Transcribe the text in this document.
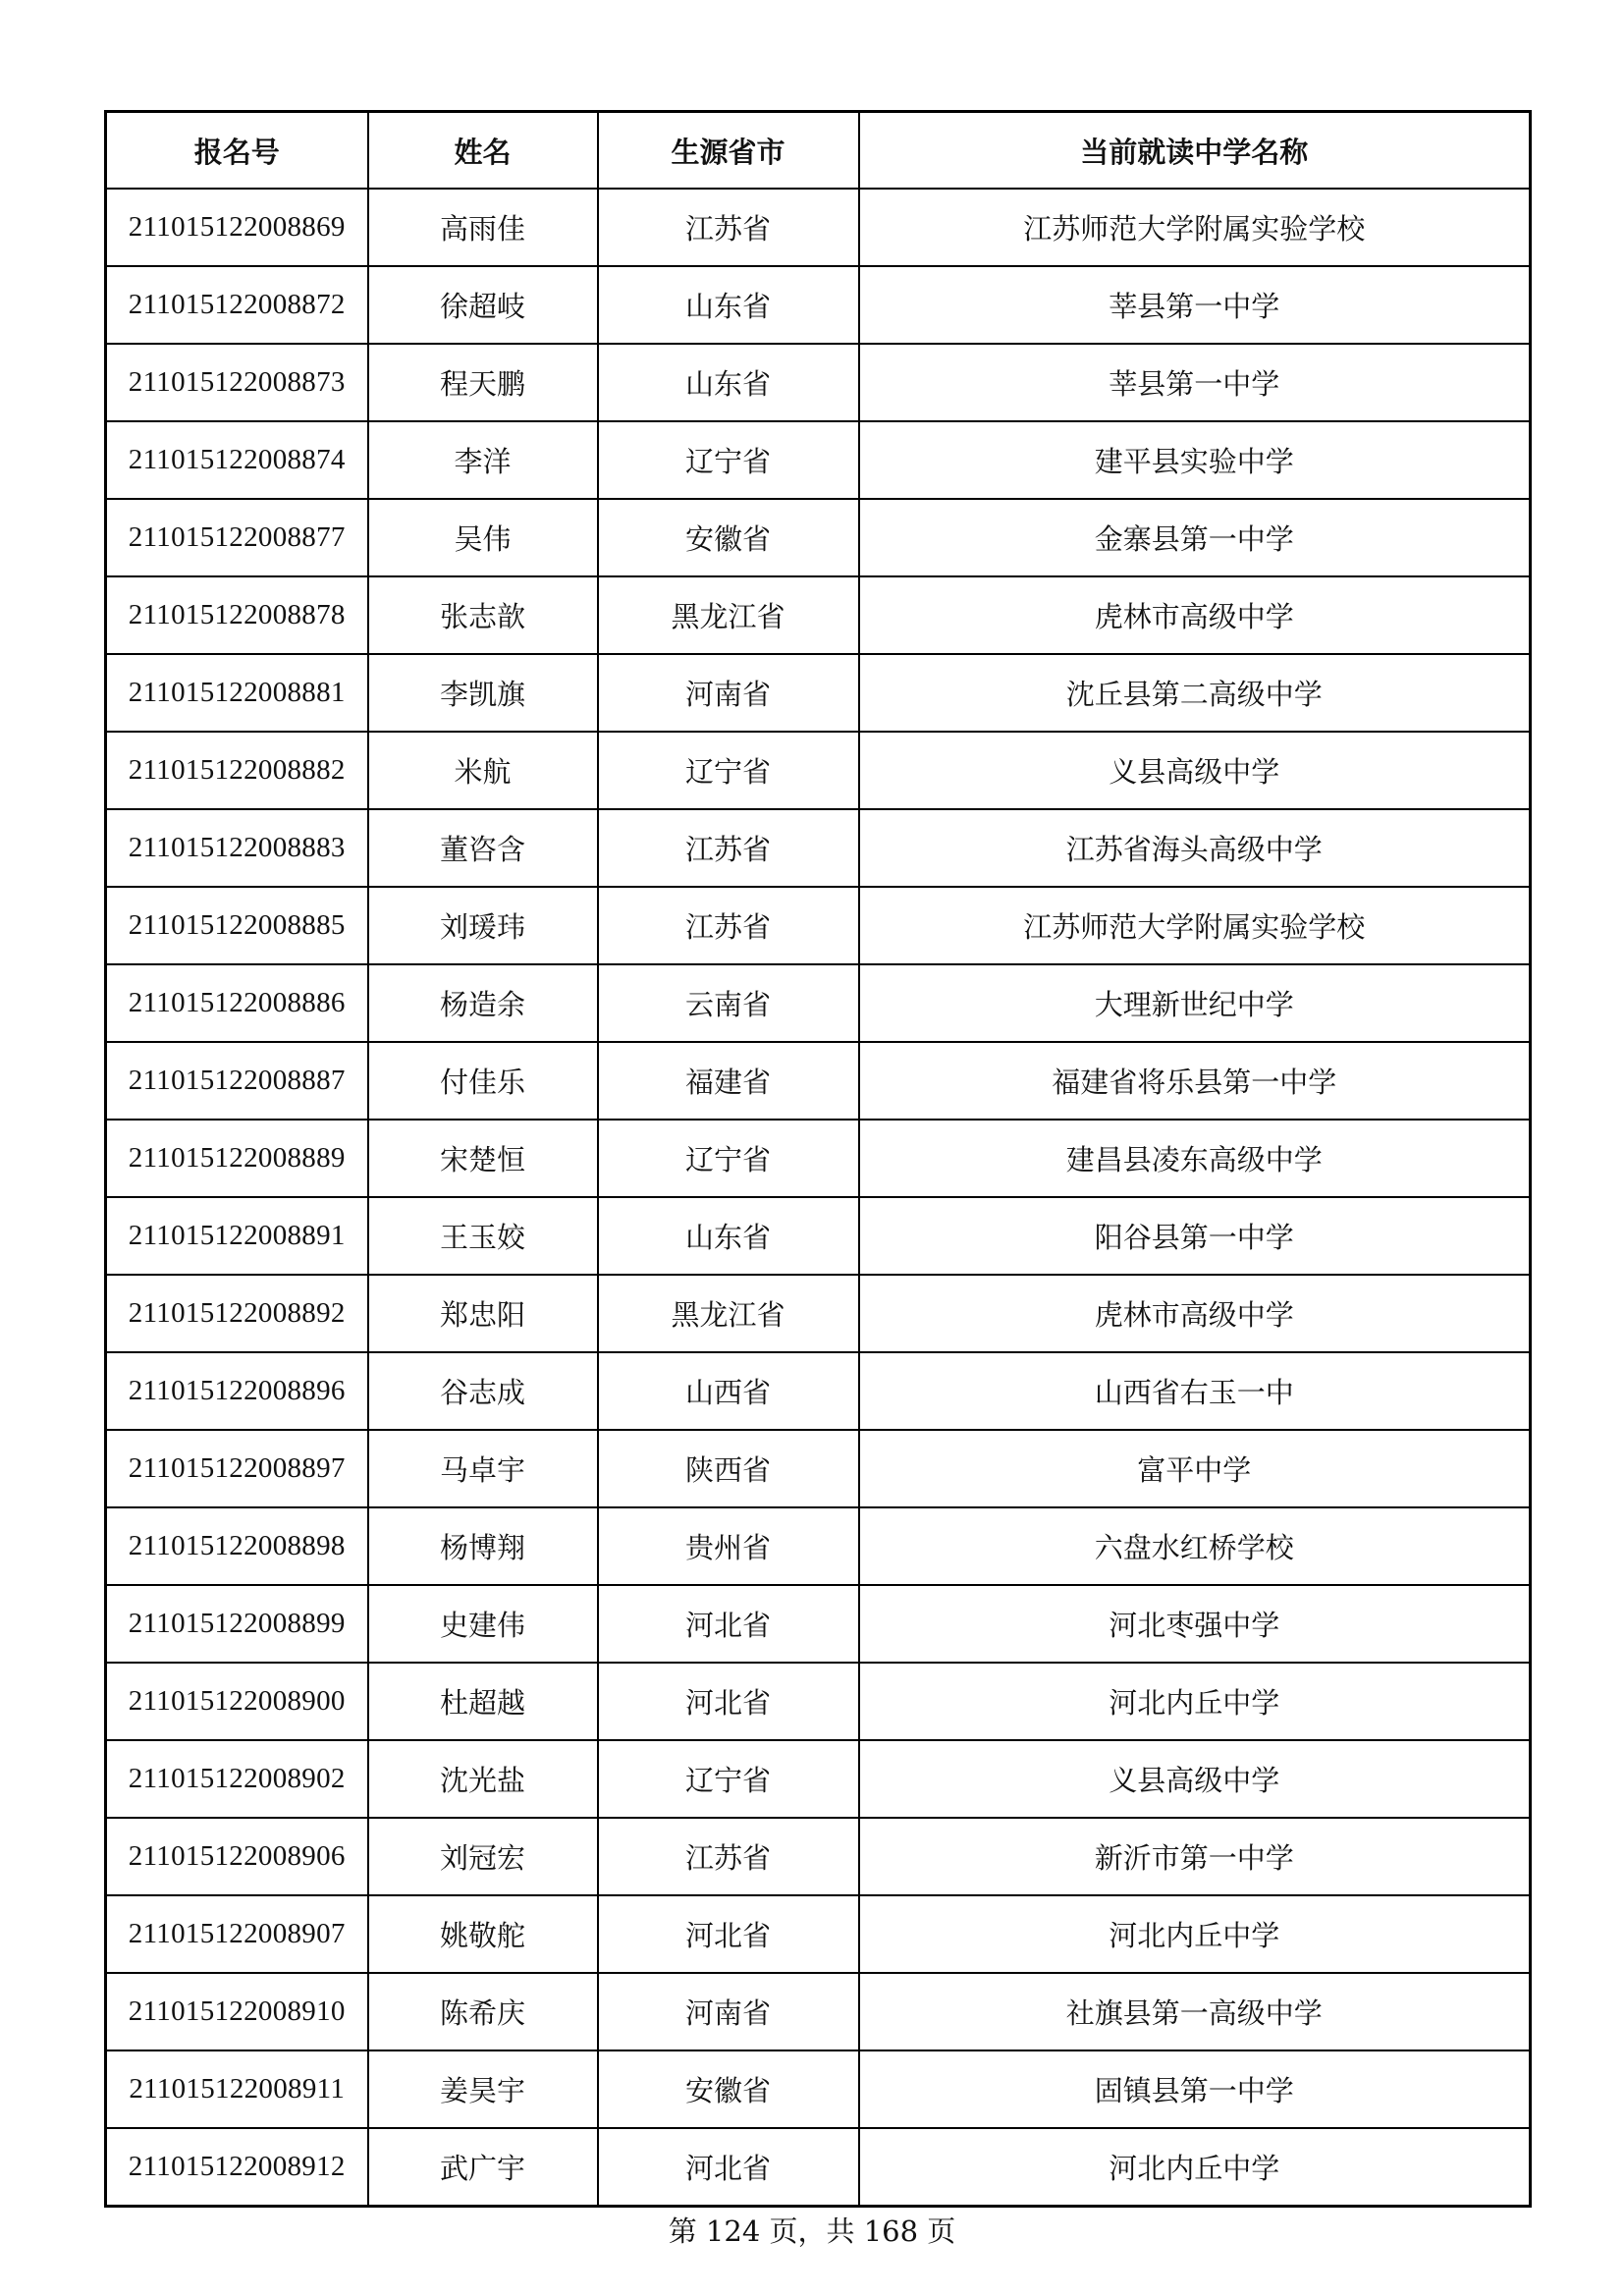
报名号	姓名	生源省市	当前就读中学名称
211015122008869	高雨佳	江苏省	江苏师范大学附属实验学校
211015122008872	徐超岐	山东省	莘县第一中学
211015122008873	程天鹏	山东省	莘县第一中学
211015122008874	李洋	辽宁省	建平县实验中学
211015122008877	吴伟	安徽省	金寨县第一中学
211015122008878	张志歆	黑龙江省	虎林市高级中学
211015122008881	李凯旗	河南省	沈丘县第二高级中学
211015122008882	米航	辽宁省	义县高级中学
211015122008883	董咨含	江苏省	江苏省海头高级中学
211015122008885	刘瑗玮	江苏省	江苏师范大学附属实验学校
211015122008886	杨造余	云南省	大理新世纪中学
211015122008887	付佳乐	福建省	福建省将乐县第一中学
211015122008889	宋楚恒	辽宁省	建昌县凌东高级中学
211015122008891	王玉姣	山东省	阳谷县第一中学
211015122008892	郑忠阳	黑龙江省	虎林市高级中学
211015122008896	谷志成	山西省	山西省右玉一中
211015122008897	马卓宇	陕西省	富平中学
211015122008898	杨博翔	贵州省	六盘水红桥学校
211015122008899	史建伟	河北省	河北枣强中学
211015122008900	杜超越	河北省	河北内丘中学
211015122008902	沈光盐	辽宁省	义县高级中学
211015122008906	刘冠宏	江苏省	新沂市第一中学
211015122008907	姚敬舵	河北省	河北内丘中学
211015122008910	陈希庆	河南省	社旗县第一高级中学
211015122008911	姜昊宇	安徽省	固镇县第一中学
211015122008912	武广宇	河北省	河北内丘中学
第 124 页，共 168 页
